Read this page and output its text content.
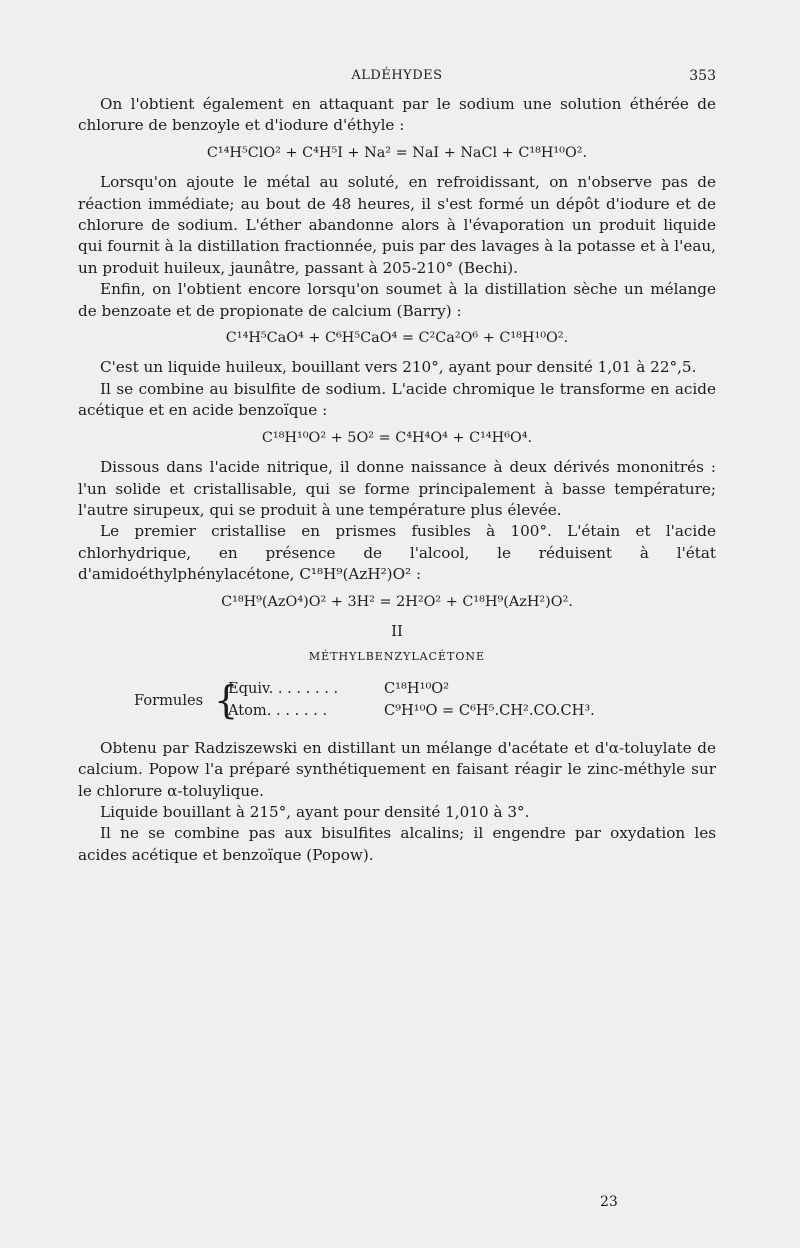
ALDÉHYDES	353

On l'obtient également en attaquant par le sodium une solution éthérée de chlorure de benzoyle et d'iodure d'éthyle :

C¹⁴H⁵ClO² + C⁴H⁵I + Na² = NaI + NaCl + C¹⁸H¹⁰O².

Lorsqu'on ajoute le métal au soluté, en refroidissant, on n'observe pas de réaction immédiate; au bout de 48 heures, il s'est formé un dépôt d'iodure et de chlorure de sodium. L'éther abandonne alors à l'évaporation un produit liquide qui fournit à la distillation fractionnée, puis par des lavages à la potasse et à l'eau, un produit huileux, jaunâtre, passant à 205-210° (Bechi).

Enfin, on l'obtient encore lorsqu'on soumet à la distillation sèche un mélange de benzoate et de propionate de calcium (Barry) :

C¹⁴H⁵CaO⁴ + C⁶H⁵CaO⁴ = C²Ca²O⁶ + C¹⁸H¹⁰O².

C'est un liquide huileux, bouillant vers 210°, ayant pour densité 1,01 à 22°,5.

Il se combine au bisulfite de sodium. L'acide chromique le transforme en acide acétique et en acide benzoïque :

C¹⁸H¹⁰O² + 5O² = C⁴H⁴O⁴ + C¹⁴H⁶O⁴.

Dissous dans l'acide nitrique, il donne naissance à deux dérivés mononitrés : l'un solide et cristallisable, qui se forme principalement à basse température; l'autre sirupeux, qui se produit à une température plus élevée.

Le premier cristallise en prismes fusibles à 100°. L'étain et l'acide chlorhydrique, en présence de l'alcool, le réduisent à l'état d'amidoéthylphénylacétone, C¹⁸H⁹(AzH²)O² :

C¹⁸H⁹(AzO⁴)O² + 3H² = 2H²O² + C¹⁸H⁹(AzH²)O².
II
MÉTHYLBENZYLACÉTONE
Formules {
Equiv. . . . . . . .	C¹⁸H¹⁰O²
Atom. . . . . . .	C⁹H¹⁰O = C⁶H⁵.CH².CO.CH³.

Obtenu par Radziszewski en distillant un mélange d'acétate et d'α-toluylate de calcium. Popow l'a préparé synthétiquement en faisant réagir le zinc-méthyle sur le chlorure α-toluylique.

Liquide bouillant à 215°, ayant pour densité 1,010 à 3°.

Il ne se combine pas aux bisulfites alcalins; il engendre par oxydation les acides acétique et benzoïque (Popow).

23
